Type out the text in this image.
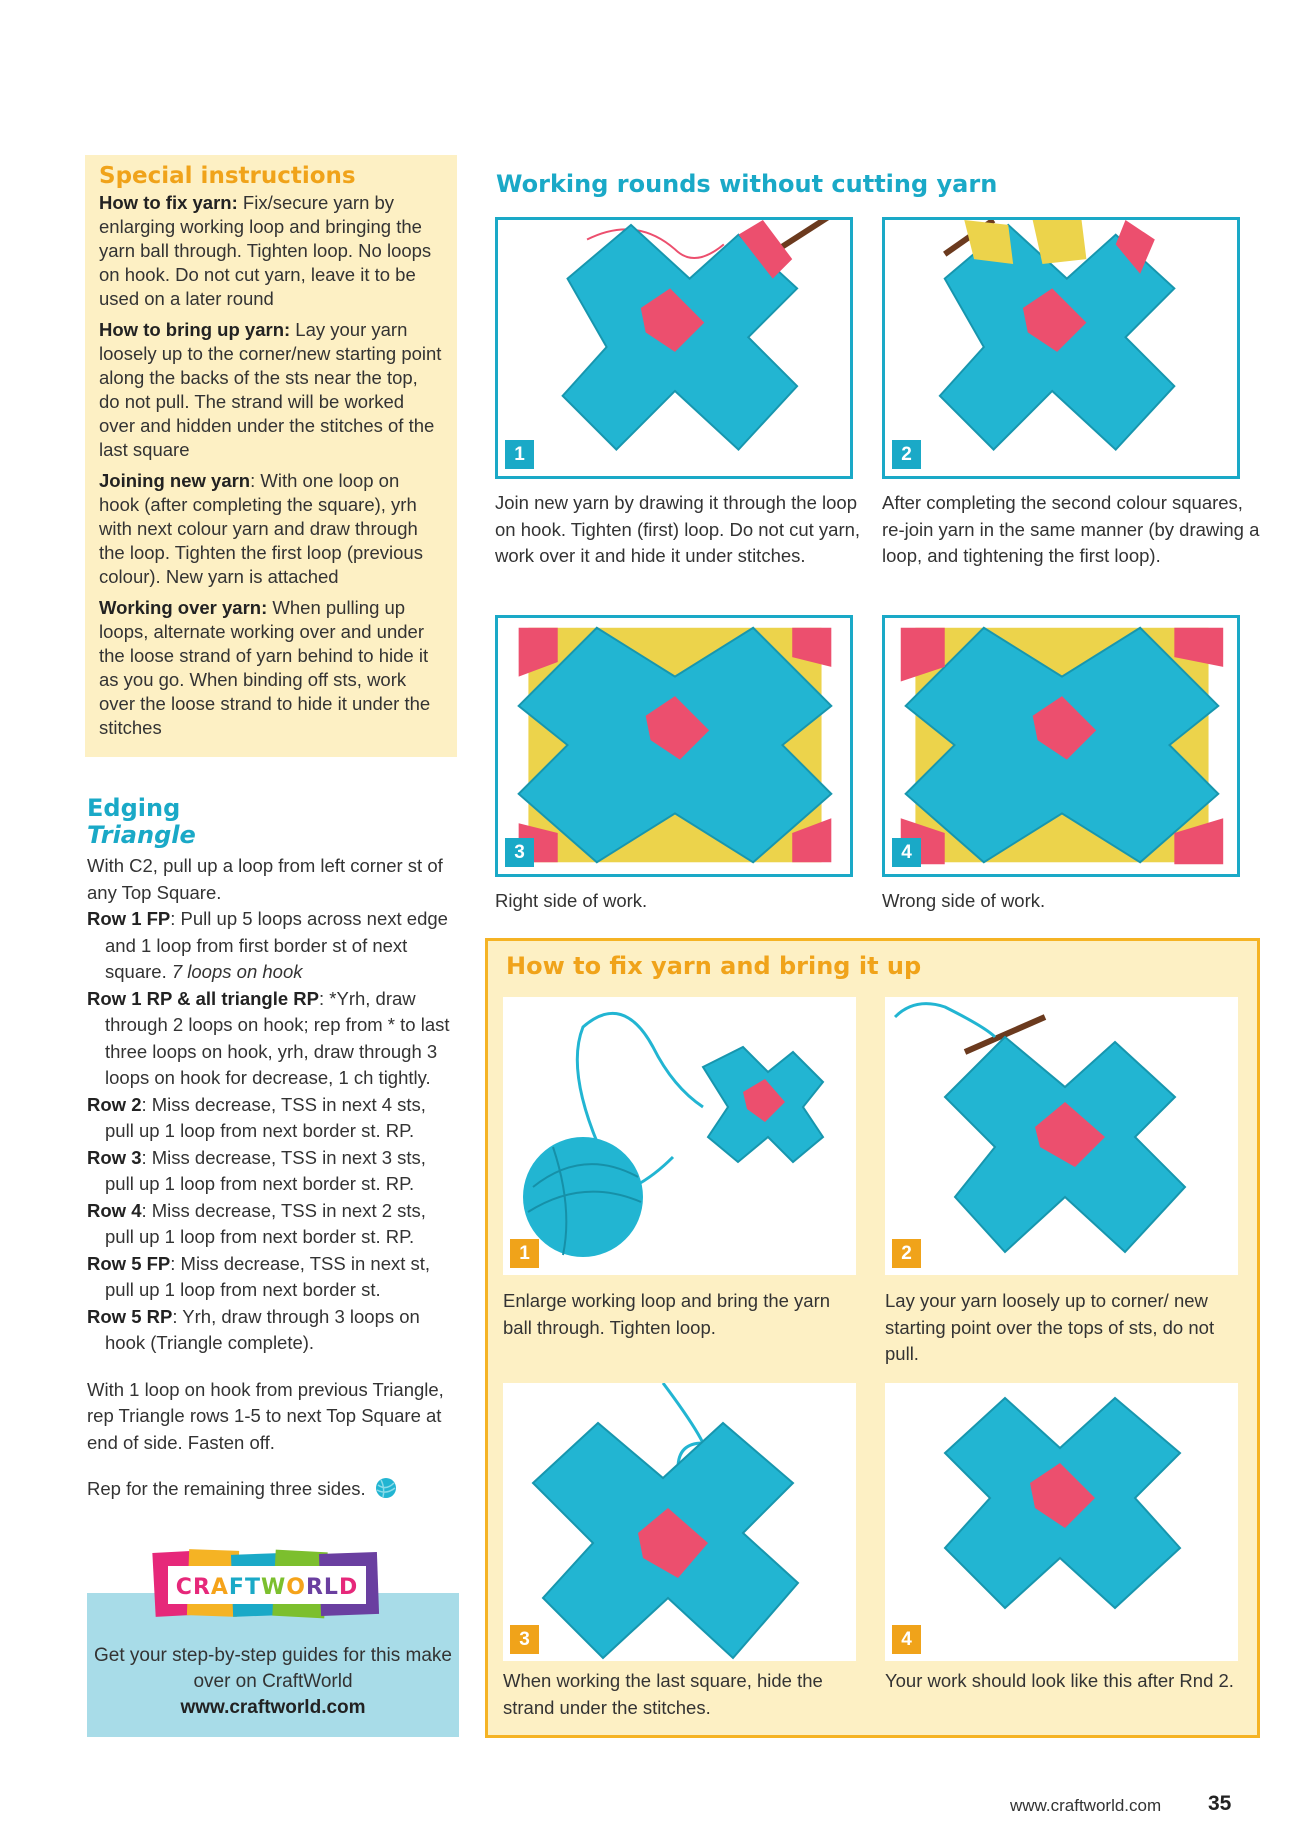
Special instructions

How to fix yarn: Fix/secure yarn by enlarging working loop and bringing the yarn ball through. Tighten loop. No loops on hook. Do not cut yarn, leave it to be used on a later round

How to bring up yarn: Lay your yarn loosely up to the corner/new starting point along the backs of the sts near the top, do not pull. The strand will be worked over and hidden under the stitches of the last square

Joining new yarn: With one loop on hook (after completing the square), yrh with next colour yarn and draw through the loop. Tighten the first loop (previous colour). New yarn is attached

Working over yarn: When pulling up loops, alternate working over and under the loose strand of yarn behind to hide it as you go. When binding off sts, work over the loose strand to hide it under the stitches

Edging
Triangle
With C2, pull up a loop from left corner st of any Top Square.
Row 1 FP: Pull up 5 loops across next edge and 1 loop from first border st of next square. 7 loops on hook
Row 1 RP & all triangle RP: *Yrh, draw through 2 loops on hook; rep from * to last three loops on hook, yrh, draw through 3 loops on hook for decrease, 1 ch tightly.
Row 2: Miss decrease, TSS in next 4 sts, pull up 1 loop from next border st. RP.
Row 3: Miss decrease, TSS in next 3 sts, pull up 1 loop from next border st. RP.
Row 4: Miss decrease, TSS in next 2 sts, pull up 1 loop from next border st. RP.
Row 5 FP: Miss decrease, TSS in next st, pull up 1 loop from next border st.
Row 5 RP: Yrh, draw through 3 loops on hook (Triangle complete).
With 1 loop on hook from previous Triangle, rep Triangle rows 1-5 to next Top Square at end of side. Fasten off.
Rep for the remaining three sides.
Get your step-by-step guides for this make over on CraftWorld
www.craftworld.com
CRAFTWORLD
Working rounds without cutting yarn
1
Join new yarn by drawing it through the loop on hook. Tighten (first) loop. Do not cut yarn, work over it and hide it under stitches.
2
After completing the second colour squares, re-join yarn in the same manner (by drawing a loop, and tightening the first loop).
3
Right side of work.
4
Wrong side of work.
How to fix yarn and bring it up
1
Enlarge working loop and bring the yarn ball through. Tighten loop.
2
Lay your yarn loosely up to corner/ new starting point over the tops of sts, do not pull.
3
When working the last square, hide the strand under the stitches.
4
Your work should look like this after Rnd 2.
www.craftworld.com 35
